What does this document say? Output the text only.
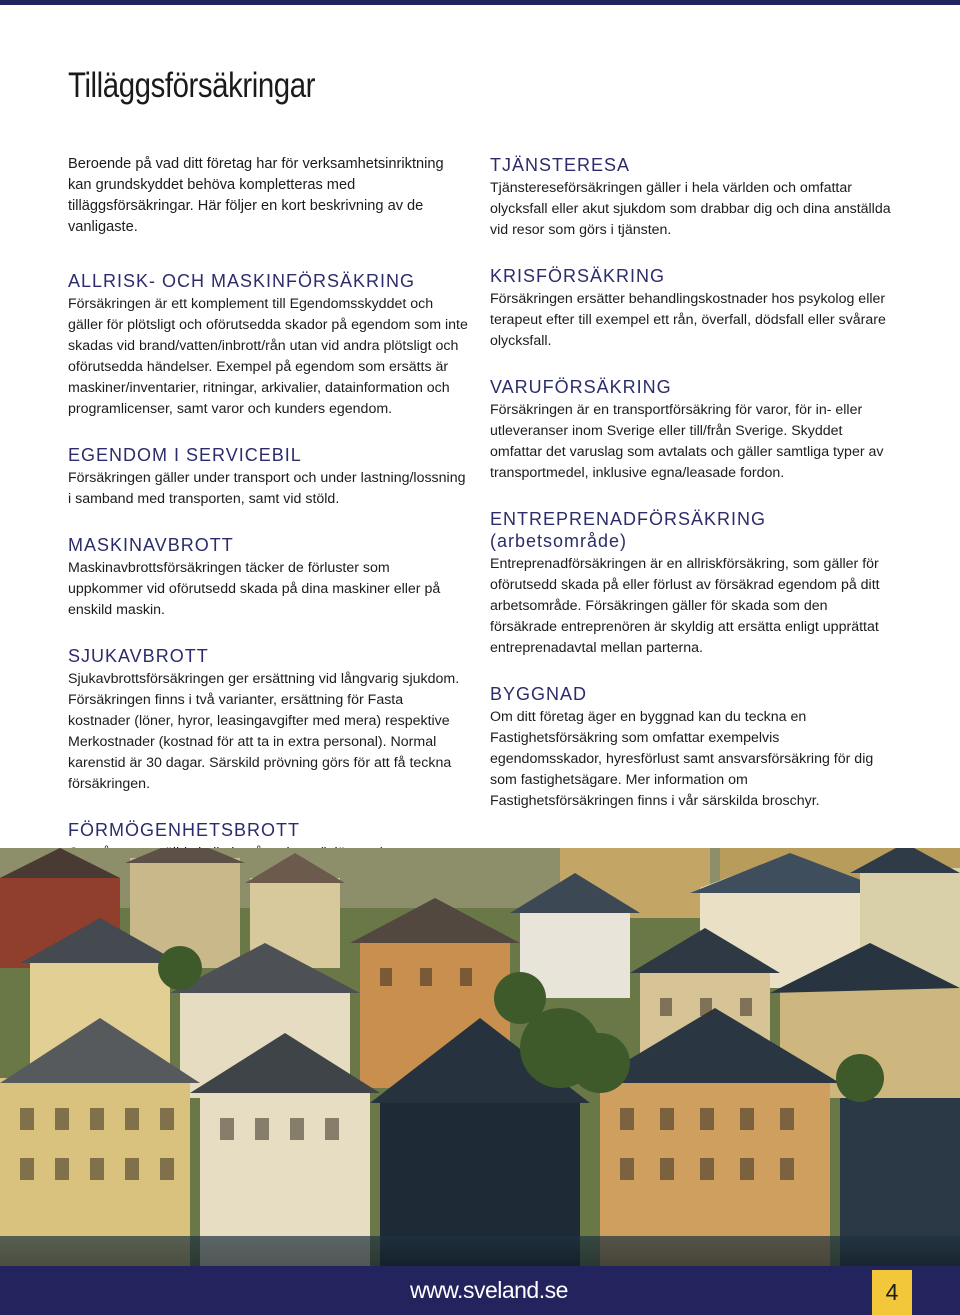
Tilläggsförsäkringar

Beroende på vad ditt företag har för verksamhetsinriktning kan grundskyddet behöva kompletteras med tilläggsförsäkringar. Här följer en kort beskrivning av de vanligaste.

ALLRISK- OCH MASKINFÖRSÄKRING

Försäkringen är ett komplement till Egendomsskyddet och gäller för plötsligt och oförutsedda skador på egendom som inte skadas vid brand/vatten/inbrott/rån utan vid andra plötsligt och oförutsedda händelser. Exempel på egendom som ersätts är maskiner/inventarier, ritningar, arkivalier, datainformation och programlicenser, samt varor och kunders egendom.

EGENDOM I SERVICEBIL

Försäkringen gäller under transport och under lastning/lossning i samband med transporten, samt vid stöld.

MASKINAVBROTT

Maskinavbrottsförsäkringen täcker de förluster som uppkommer vid oförutsedd skada på dina maskiner eller på enskild maskin.

SJUKAVBROTT

Sjukavbrottsförsäkringen ger ersättning vid långvarig sjukdom. Försäkringen finns i två varianter, ersättning för Fasta kostnader (löner, hyror, leasingavgifter med mera) respektive Merkostnader (kostnad för att ta in extra personal). Normal karenstid är 30 dagar. Särskild prövning görs för att få teckna försäkringen.

FÖRMÖGENHETSBROTT

TJÄNSTERESA

Tjänstereseförsäkringen gäller i hela världen och omfattar olycksfall eller akut sjukdom som drabbar dig och dina anställda vid resor som görs i tjänsten.

KRISFÖRSÄKRING

Försäkringen ersätter behandlingskostnader hos psykolog eller terapeut efter till exempel ett rån, överfall, dödsfall eller svårare olycksfall.

VARUFÖRSÄKRING

Försäkringen är en transportförsäkring för varor, för in- eller utleveranser inom Sverige eller till/från Sverige. Skyddet omfattar det varuslag som avtalats och gäller samtliga typer av transportmedel, inklusive egna/leasade fordon.

ENTREPRENADFÖRSÄKRING (arbetsområde)

Entreprenadförsäkringen är en allriskförsäkring, som gäller för oförutsedd skada på eller förlust av försäkrad egendom på ditt arbetsområde. Försäkringen gäller för skada som den försäkrade entreprenören är skyldig att ersätta enligt upprättat entreprenadavtal mellan parterna.

BYGGNAD

Om ditt företag äger en byggnad kan du teckna en Fastighetsförsäkring som omfattar exempelvis egendomsskador, hyresförlust samt ansvarsförsäkring för dig som fastighetsägare. Mer information om Fastighetsförsäkringen finns i vår särskilda broschyr.

www.sveland.se	4
